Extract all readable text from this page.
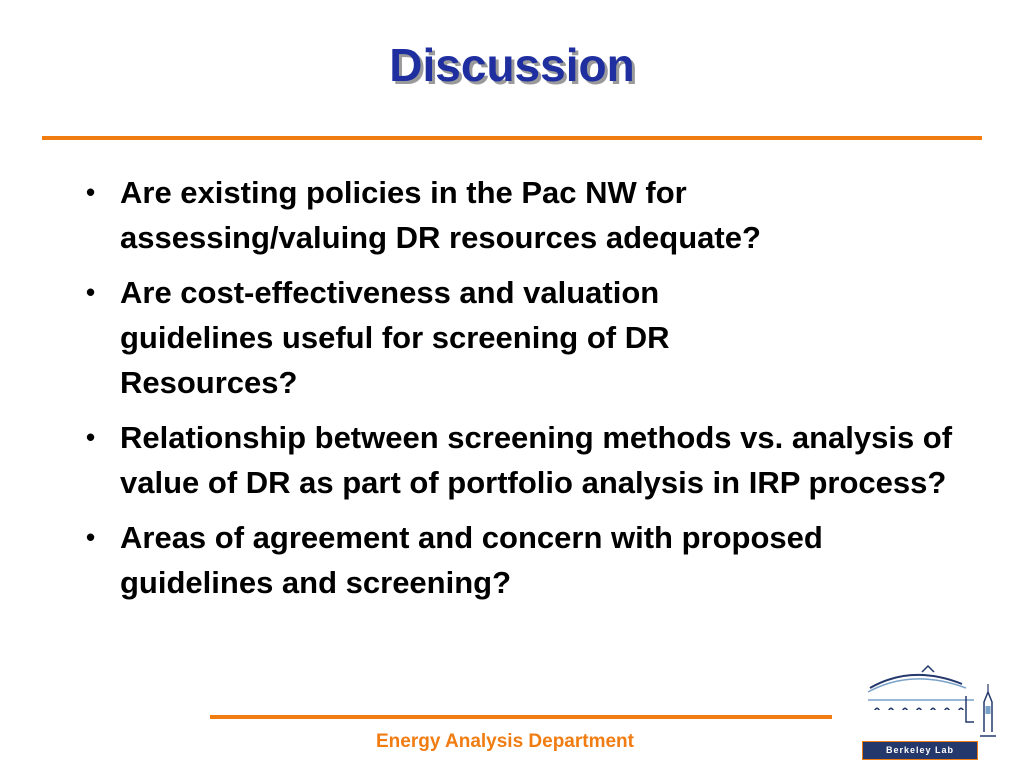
Discussion
• Are existing policies in the Pac NW for assessing/valuing DR resources adequate?
• Are cost-effectiveness and valuation guidelines useful for screening of DR Resources?
• Relationship between screening methods vs. analysis of value of DR as part of portfolio analysis in IRP process?
• Areas of agreement and concern with proposed guidelines and screening?
Energy Analysis Department	Berkeley Lab
